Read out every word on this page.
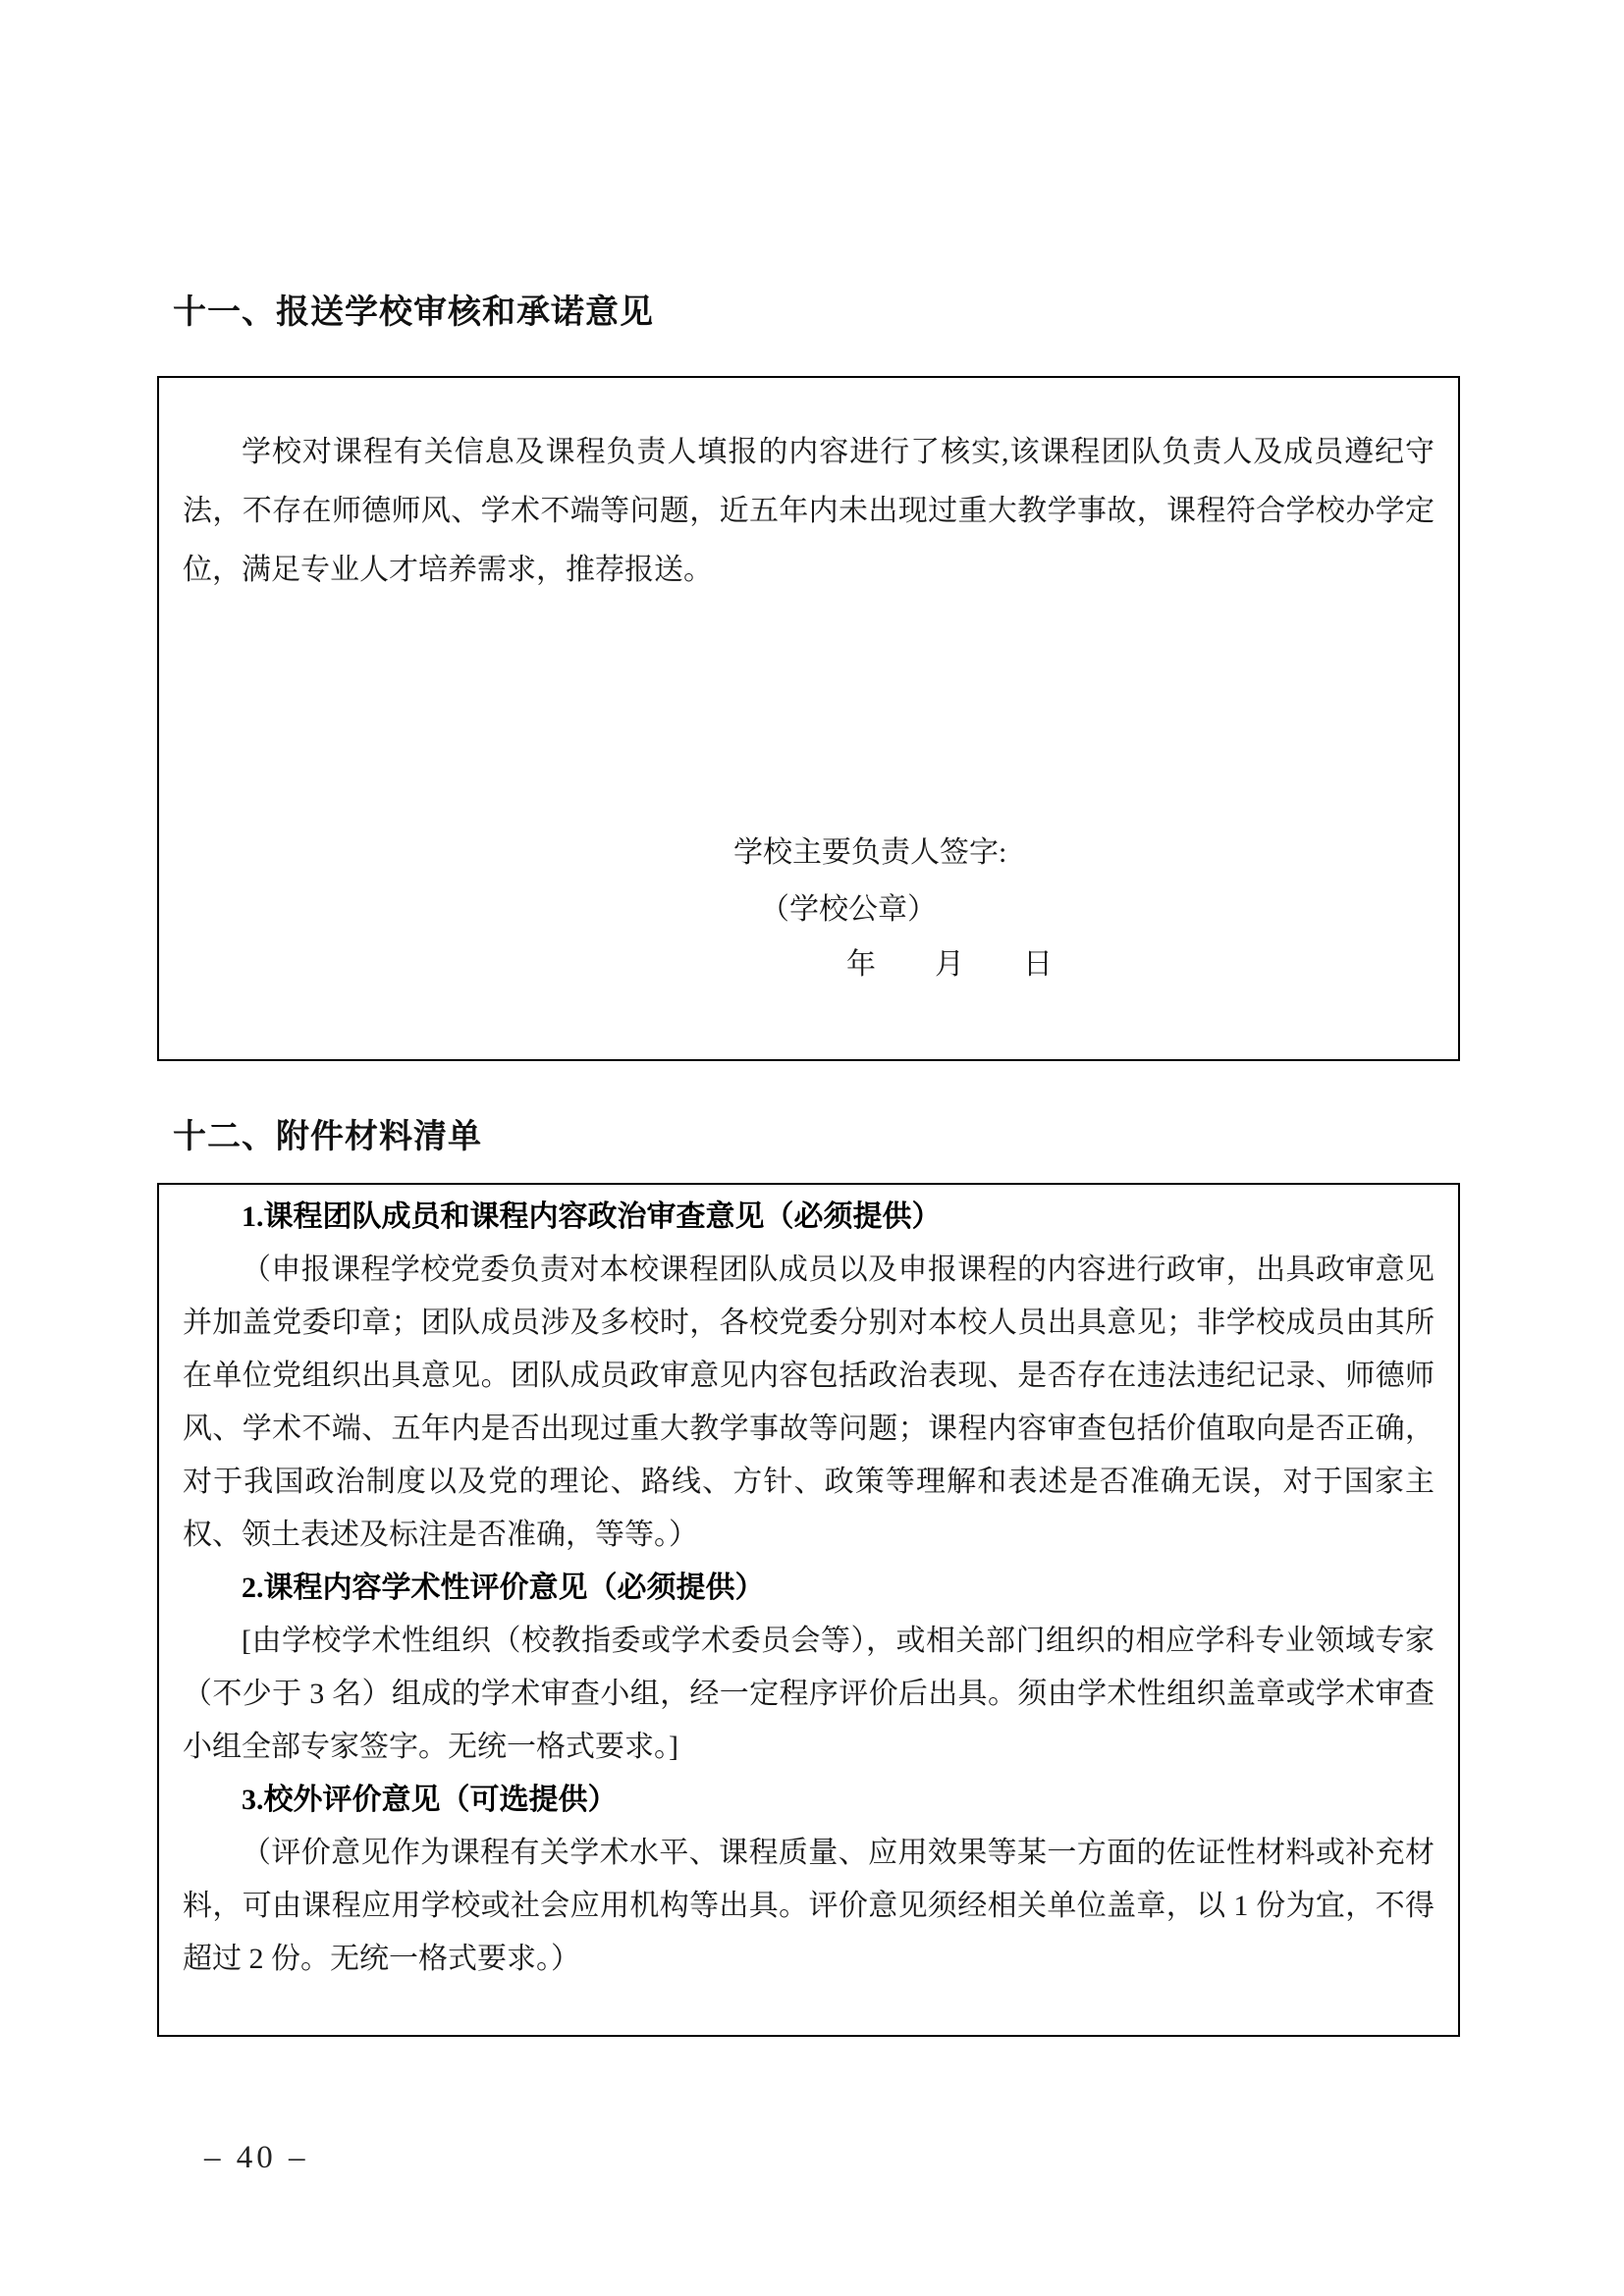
十一、报送学校审核和承诺意见

学校对课程有关信息及课程负责人填报的内容进行了核实,该课程团队负责人及成员遵纪守法，不存在师德师风、学术不端等问题，近五年内未出现过重大教学事故，课程符合学校办学定位，满足专业人才培养需求，推荐报送。

学校主要负责人签字:
（学校公章）
年        月        日
十二、附件材料清单

1.课程团队成员和课程内容政治审查意见（必须提供）

（申报课程学校党委负责对本校课程团队成员以及申报课程的内容进行政审，出具政审意见并加盖党委印章；团队成员涉及多校时，各校党委分别对本校人员出具意见；非学校成员由其所在单位党组织出具意见。团队成员政审意见内容包括政治表现、是否存在违法违纪记录、师德师风、学术不端、五年内是否出现过重大教学事故等问题；课程内容审查包括价值取向是否正确，对于我国政治制度以及党的理论、路线、方针、政策等理解和表述是否准确无误，对于国家主权、领土表述及标注是否准确，等等。）

2.课程内容学术性评价意见（必须提供）

[由学校学术性组织（校教指委或学术委员会等），或相关部门组织的相应学科专业领域专家（不少于 3 名）组成的学术审查小组，经一定程序评价后出具。须由学术性组织盖章或学术审查小组全部专家签字。无统一格式要求。]

3.校外评价意见（可选提供）

（评价意见作为课程有关学术水平、课程质量、应用效果等某一方面的佐证性材料或补充材料，可由课程应用学校或社会应用机构等出具。评价意见须经相关单位盖章，以 1 份为宜，不得超过 2 份。无统一格式要求。）

– 40 –
